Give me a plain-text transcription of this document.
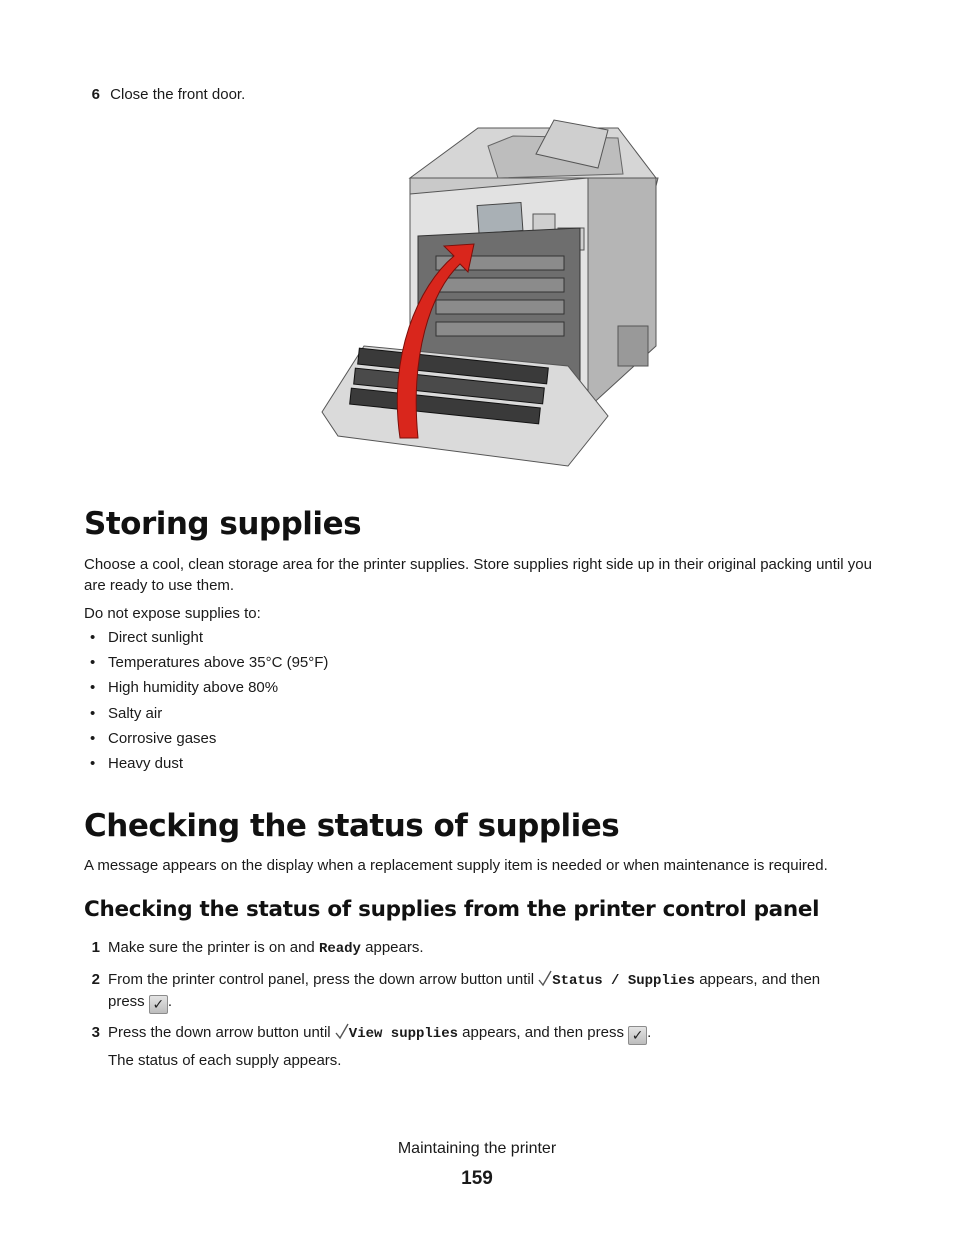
6 Close the front door.
Storing supplies

Choose a cool, clean storage area for the printer supplies. Store supplies right side up in their original packing until you are ready to use them.

Do not expose supplies to:

• Direct sunlight
• Temperatures above 35°C (95°F)
• High humidity above 80%
• Salty air
• Corrosive gases
• Heavy dust
Checking the status of supplies

A message appears on the display when a replacement supply item is needed or when maintenance is required.

Checking the status of supplies from the printer control panel
1 Make sure the printer is on and Ready appears.
2 From the printer control panel, press the down arrow button until Status / Supplies appears, and then
press ✓ .
3 Press the down arrow button until View supplies appears, and then press ✓ .

The status of each supply appears.

Maintaining the printer
159
